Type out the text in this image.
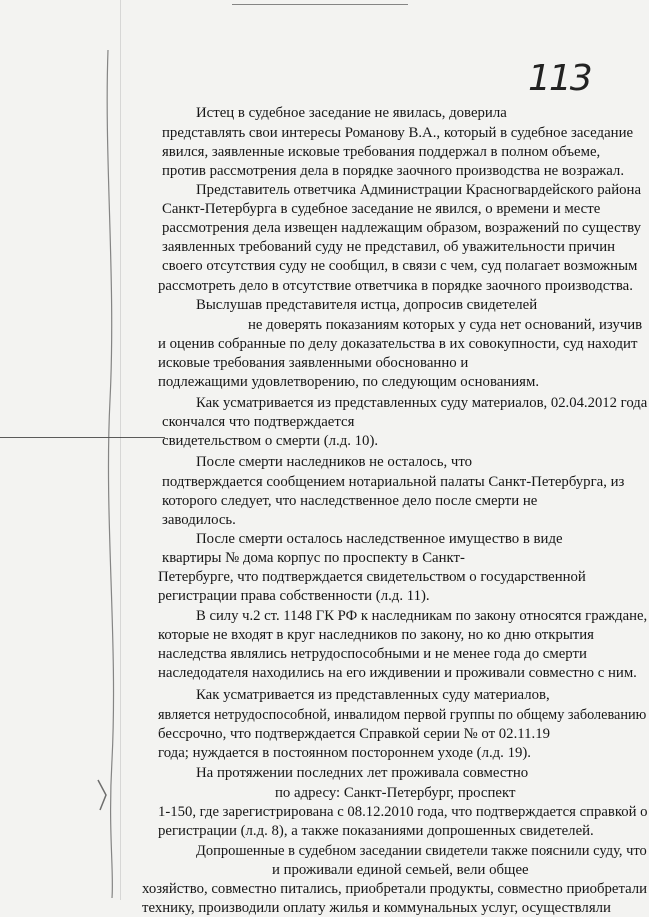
113
Истец в судебное заседание не явилась, доверила
представлять свои интересы Романову В.А., который в судебное заседание
явился, заявленные исковые требования поддержал в полном объеме,
против рассмотрения дела в порядке заочного производства не возражал.
Представитель ответчика Администрации Красногвардейского района
Санкт-Петербурга в судебное заседание не явился, о времени и месте
рассмотрения дела извещен надлежащим образом, возражений по существу
заявленных требований суду не представил, об уважительности причин
своего отсутствия суду не сообщил, в связи с чем, суд полагает возможным
рассмотреть дело в отсутствие ответчика в порядке заочного производства.
Выслушав представителя истца, допросив свидетелей
не доверять показаниям которых у суда нет оснований, изучив
и оценив собранные по делу доказательства в их совокупности, суд находит
исковые требования заявленными обоснованно и
подлежащими удовлетворению, по следующим основаниям.
Как усматривается из представленных суду материалов, 02.04.2012 года
скончался что подтверждается
свидетельством о смерти (л.д. 10).
После смерти наследников не осталось, что
подтверждается сообщением нотариальной палаты Санкт-Петербурга, из
которого следует, что наследственное дело после смерти не
заводилось.
После смерти осталось наследственное имущество в виде
квартиры № дома корпус по проспекту в Санкт-
Петербурге, что подтверждается свидетельством о государственной
регистрации права собственности (л.д. 11).
В силу ч.2 ст. 1148 ГК РФ к наследникам по закону относятся граждане,
которые не входят в круг наследников по закону, но ко дню открытия
наследства являлись нетрудоспособными и не менее года до смерти
наследодателя находились на его иждивении и проживали совместно с ним.
Как усматривается из представленных суду материалов,
является нетрудоспособной, инвалидом первой группы по общему заболеванию
бессрочно, что подтверждается Справкой серии № от 02.11.19
года; нуждается в постоянном постороннем уходе (л.д. 19).
На протяжении последних лет проживала совместно
по адресу: Санкт-Петербург, проспект
1-150, где зарегистрирована с 08.12.2010 года, что подтверждается справкой о
регистрации (л.д. 8), а также показаниями допрошенных свидетелей.
Допрошенные в судебном заседании свидетели также пояснили суду, что
и проживали единой семьей, вели общее
хозяйство, совместно питались, приобретали продукты, совместно приобретали
технику, производили оплату жилья и коммунальных услуг, осуществляли
